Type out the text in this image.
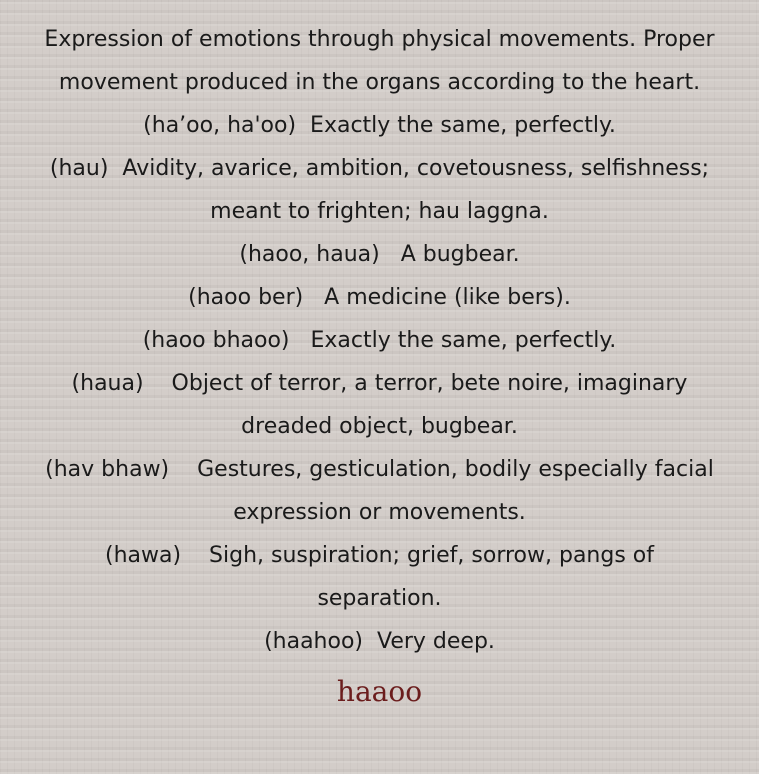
Expression of emotions through physical movements. Proper
movement produced in the organs according to the heart.
(ha’oo, ha'oo)  Exactly the same, perfectly.
(hau)  Avidity, avarice, ambition, covetousness, selfishness;
meant to frighten; hau laggna.
(haoo, haua)   A bugbear.
(haoo ber)   A medicine (like bers).
(haoo bhaoo)   Exactly the same, perfectly.
(haua)    Object of terror, a terror, bete noire, imaginary
dreaded object, bugbear.
(hav bhaw)    Gestures, gesticulation, bodily especially facial
expression or movements.
(hawa)    Sigh, suspiration; grief, sorrow, pangs of
separation.
(haahoo)  Very deep.
haaoo
